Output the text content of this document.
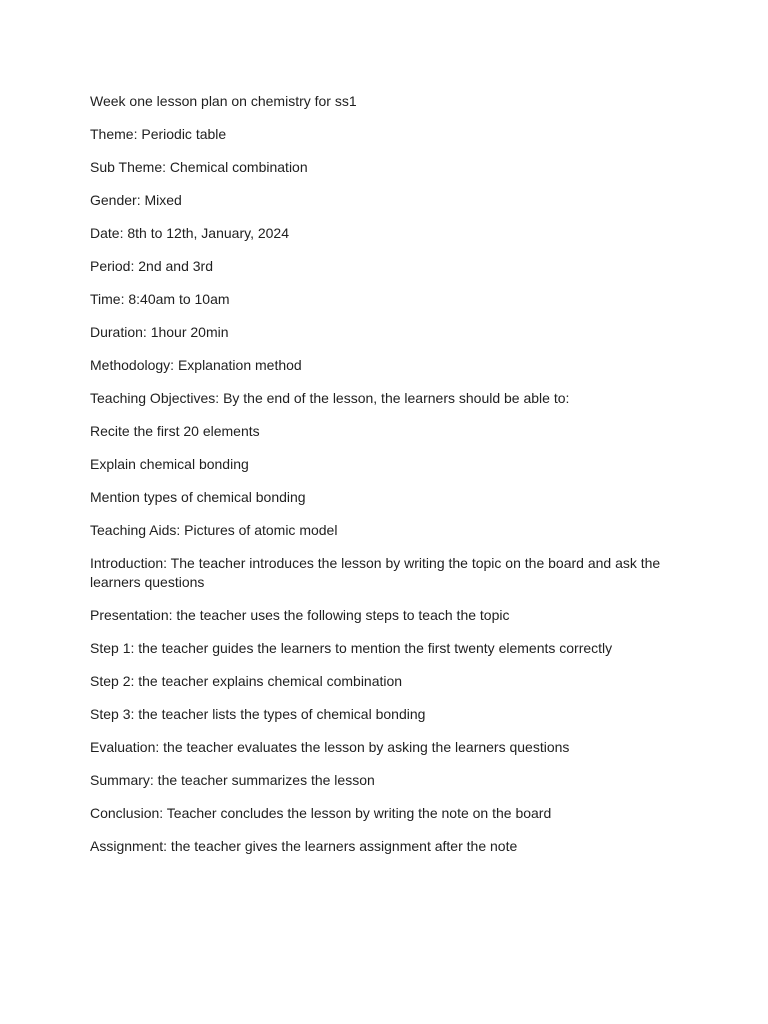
Week one lesson plan on chemistry for ss1

Theme: Periodic table

Sub Theme: Chemical combination

Gender: Mixed

Date: 8th to 12th, January, 2024

Period: 2nd and 3rd

Time: 8:40am to 10am

Duration: 1hour 20min

Methodology: Explanation method

Teaching Objectives: By the end of the lesson, the learners should be able to:

Recite the first 20 elements

Explain chemical bonding

Mention types of chemical bonding

Teaching Aids: Pictures of atomic model

Introduction: The teacher introduces the lesson by writing the topic on the board and ask the learners questions

Presentation: the teacher uses the following steps to teach the topic

Step 1: the teacher guides the learners to mention the first twenty elements correctly

Step 2: the teacher explains chemical combination

Step 3: the teacher lists the types of chemical bonding

Evaluation: the teacher evaluates the lesson by asking the learners questions

Summary: the teacher summarizes the lesson

Conclusion: Teacher concludes the lesson by writing the note on the board

Assignment: the teacher gives the learners assignment after the note
